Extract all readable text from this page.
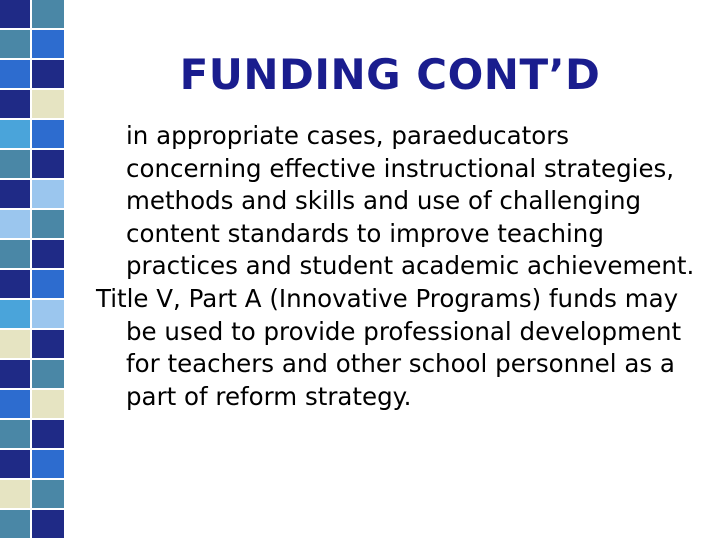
FUNDING CONT’D

in appropriate cases, paraeducators concerning effective instructional strategies, methods and skills and use of challenging content standards to improve teaching practices and student academic achievement.

Title V, Part A (Innovative Programs) funds may be used to provide professional development for teachers and other school personnel as a part of reform strategy.
